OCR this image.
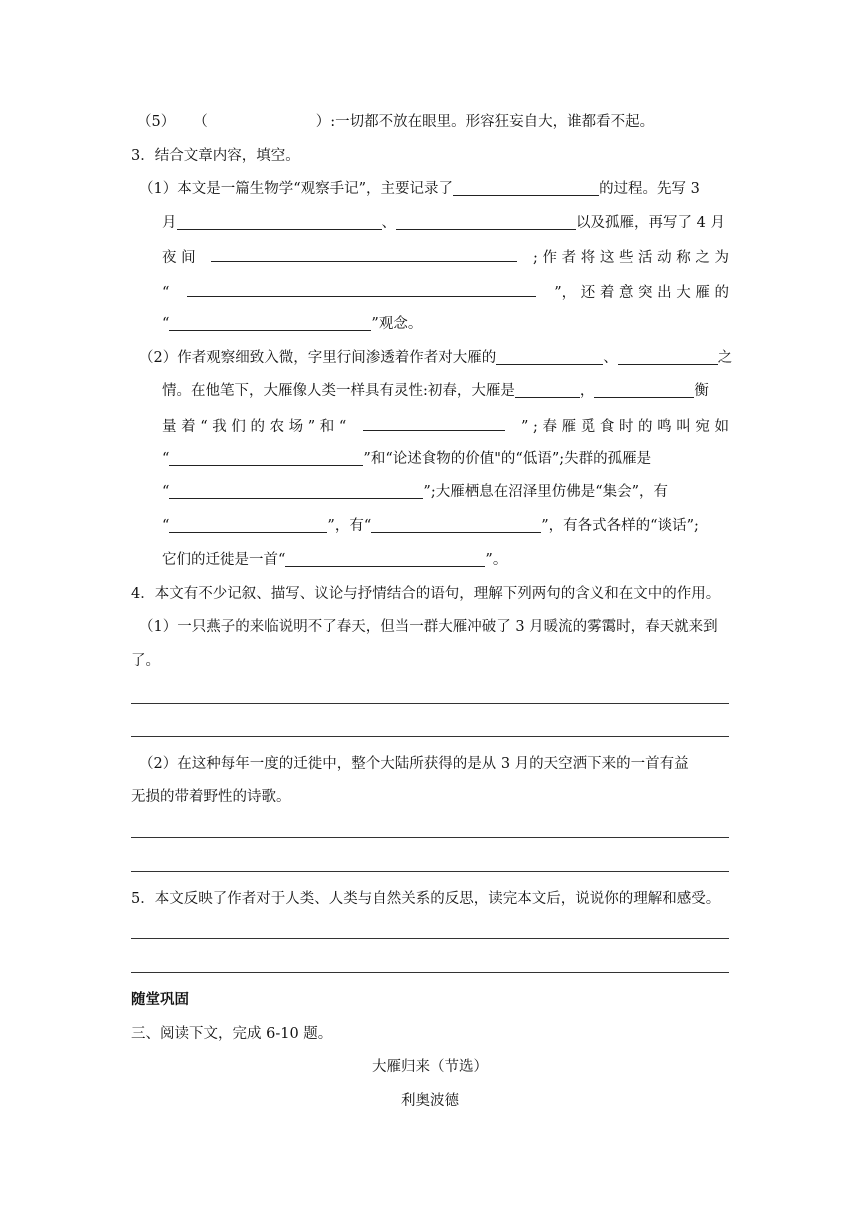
（5） （	）:一切都不放在眼里。形容狂妄自大，谁都看不起。
3．结合文章内容，填空。
（1）本文是一篇生物学“观察手记”，主要记录了	的过程。先写 3
月	、	以及孤雁，再写了 4 月
夜 间	; 作 者 将 这 些 活 动 称 之 为
“	”， 还 着 意 突 出 大 雁 的
“	”观念。
（2）作者观察细致入微，字里行间渗透着作者对大雁的	、	之
情。在他笔下，大雁像人类一样具有灵性:初春，大雁是	，	衡
量 着 “ 我 们 的 农 场 ” 和 “	” ; 春 雁 觅 食 时 的 鸣 叫 宛 如
“	”和“论述食物的价值"的“低语”;失群的孤雁是
“	”;大雁栖息在沼泽里仿佛是“集会”，有
“	”，有“	”，有各式各样的“谈话”;
它们的迁徙是一首“	”。
4．本文有不少记叙、描写、议论与抒情结合的语句，理解下列两句的含义和在文中的作用。
（1）一只燕子的来临说明不了春天，但当一群大雁冲破了 3 月暖流的雾霭时，春天就来到
了。
（2）在这种每年一度的迁徙中，整个大陆所获得的是从 3 月的天空洒下来的一首有益
无损的带着野性的诗歌。
5．本文反映了作者对于人类、人类与自然关系的反思，读完本文后，说说你的理解和感受。
随堂巩固
三、阅读下文，完成 6-10 题。
大雁归来（节选）
利奥波德
